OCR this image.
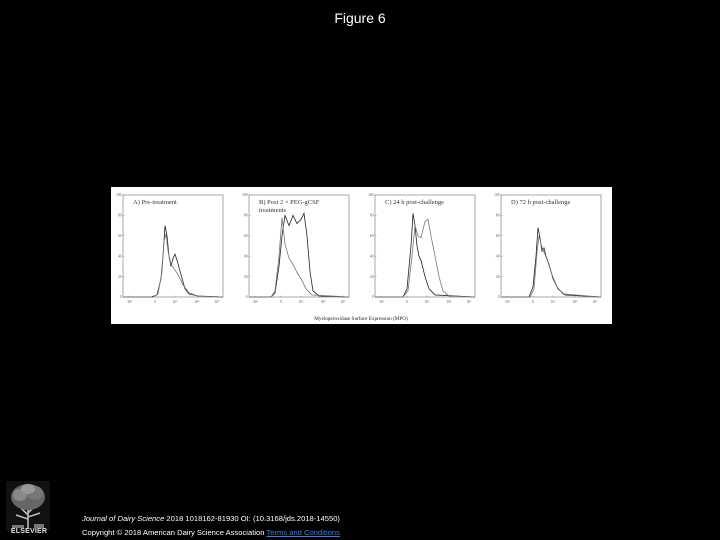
Figure 6
Myeloperoxidase Surface Expression (MPO)
A) Pre-treatment
100
80
60
40
20
0
-10³	0	10³	10⁴	10⁵
B) Post 2 × PEG-gCSF
treatments
100
80
60
40
20
0
-10³	0	10³	10⁴	10⁵
C) 24 h post-challenge
100
80
60
40
20
0
-10³	0	10³	10⁴	10⁵
D) 72 h post-challenge
100
80
60
40
20
0
-10³	0	10³	10⁴	10⁵
ELSEVIER
Journal of Dairy Science 2018 1018162-81930 OI: (10.3168/jds.2018-14550)
Copyright © 2018 American Dairy Science Association Terms and Conditions
